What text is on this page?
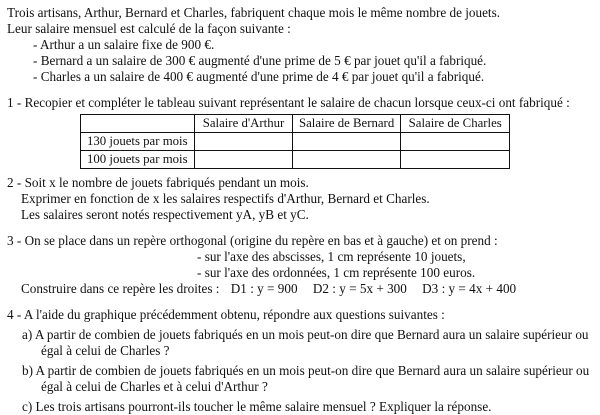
Trois artisans, Arthur, Bernard et Charles, fabriquent chaque mois le même nombre de jouets.
Leur salaire mensuel est calculé de la façon suivante :
- Arthur a un salaire fixe de 900 €.
- Bernard a un salaire de 300 € augmenté d'une prime de 5 € par jouet qu'il a fabriqué.
- Charles a un salaire de 400 € augmenté d'une prime de 4 € par jouet qu'il a fabriqué.
1 - Recopier et compléter le tableau suivant représentant le salaire de chacun lorsque ceux-ci ont fabriqué :
	Salaire d'Arthur	Salaire de Bernard	Salaire de Charles
130 jouets par mois			
100 jouets par mois			
2 - Soit x le nombre de jouets fabriqués pendant un mois.
Exprimer en fonction de x les salaires respectifs d'Arthur, Bernard et Charles.
Les salaires seront notés respectivement yA, yB et yC.
3 - On se place dans un repère orthogonal (origine du repère en bas et à gauche) et on prend :
- sur l'axe des abscisses, 1 cm représente 10 jouets,
- sur l'axe des ordonnées, 1 cm représente 100 euros.
Construire dans ce repère les droites : D1 : y = 900 D2 : y = 5x + 300 D3 : y = 4x + 400
4 - A l'aide du graphique précédemment obtenu, répondre aux questions suivantes :
a) A partir de combien de jouets fabriqués en un mois peut-on dire que Bernard aura un salaire supérieur ou
égal à celui de Charles ?
b) A partir de combien de jouets fabriqués en un mois peut-on dire que Bernard aura un salaire supérieur ou
égal à celui de Charles et à celui d'Arthur ?
c) Les trois artisans pourront-ils toucher le même salaire mensuel ? Expliquer la réponse.
